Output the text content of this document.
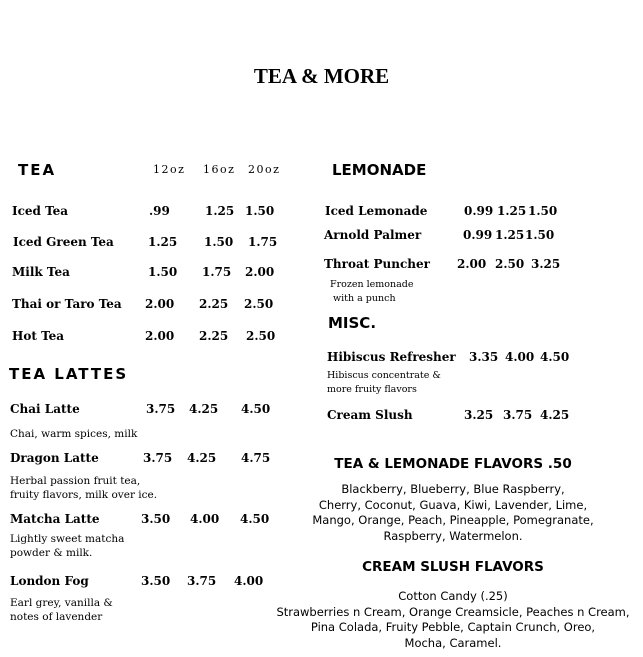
TEA & MORE
TEA	12oz 16oz 20oz
Iced Tea	.99	1.25 1.50
Iced Green Tea	1.25 1.50 1.75
Milk Tea	1.50 1.75 2.00
Thai or Taro Tea 2.00 2.25 2.50
Hot Tea	2.00 2.25 2.50
TEA LATTES
Chai Latte	3.75 4.25 4.50
Chai, warm spices, milk
Dragon Latte	3.75 4.25 4.75
Herbal passion fruit tea,
fruity flavors, milk over ice.
Matcha Latte	3.50 4.00 4.50
Lightly sweet matcha
powder & milk.
London Fog	3.50 3.75 4.00
Earl grey, vanilla &
notes of lavender
LEMONADE
Iced Lemonade	0.99 1.25 1.50
Arnold Palmer	0.99 1.25 1.50
Throat Puncher 2.00 2.50 3.25
Frozen lemonade
with a punch
MISC.
Hibiscus Refresher 3.35 4.00 4.50
Hibiscus concentrate &
more fruity flavors
Cream Slush	3.25 3.75 4.25
TEA & LEMONADE FLAVORS .50
Blackberry, Blueberry, Blue Raspberry,
Cherry, Coconut, Guava, Kiwi, Lavender, Lime,
Mango, Orange, Peach, Pineapple, Pomegranate,
Raspberry, Watermelon.
CREAM SLUSH FLAVORS
Cotton Candy (.25)
Strawberries n Cream, Orange Creamsicle, Peaches n Cream,
Pina Colada, Fruity Pebble, Captain Crunch, Oreo,
Mocha, Caramel.
